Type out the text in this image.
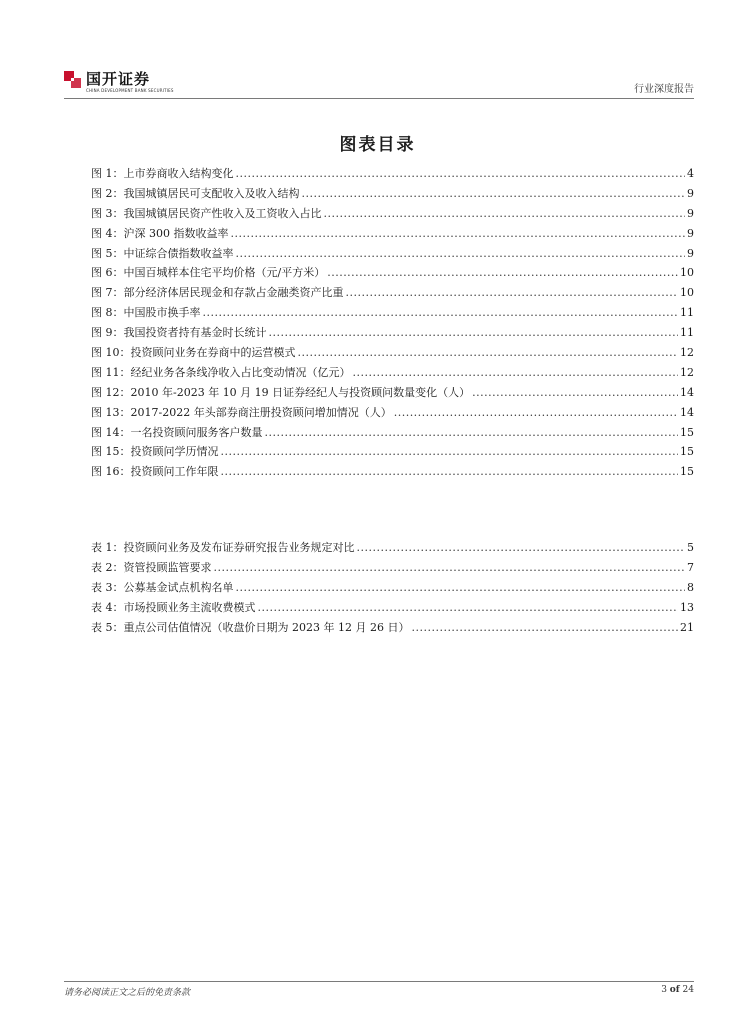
国开证券
CHINA DEVELOPMENT BANK SECURITIES	行业深度报告
图表目录
图 1：上市券商收入结构变化 .....	4
图 2：我国城镇居民可支配收入及收入结构 .....	9
图 3：我国城镇居民资产性收入及工资收入占比 .....	9
图 4：沪深 300 指数收益率 .....	9
图 5：中证综合债指数收益率 .....	9
图 6：中国百城样本住宅平均价格（元/平方米） .....	10
图 7：部分经济体居民现金和存款占金融类资产比重 .....	10
图 8：中国股市换手率 .....	11
图 9：我国投资者持有基金时长统计 .....	11
图 10：投资顾问业务在券商中的运营模式 .....	12
图 11：经纪业务各条线净收入占比变动情况（亿元） .....	12
图 12：2010 年-2023 年 10 月 19 日证券经纪人与投资顾问数量变化（人） .....	14
图 13：2017-2022 年头部券商注册投资顾问增加情况（人） .....	14
图 14：一名投资顾问服务客户数量 .....	15
图 15：投资顾问学历情况 .....	15
图 16：投资顾问工作年限 .....	15
表 1：投资顾问业务及发布证券研究报告业务规定对比 .....	5
表 2：资管投顾监管要求 .....	7
表 3：公募基金试点机构名单 .....	8
表 4：市场投顾业务主流收费模式 .....	13
表 5：重点公司估值情况（收盘价日期为 2023 年 12 月 26 日） .....	21
请务必阅读正文之后的免责条款	3 of 24
